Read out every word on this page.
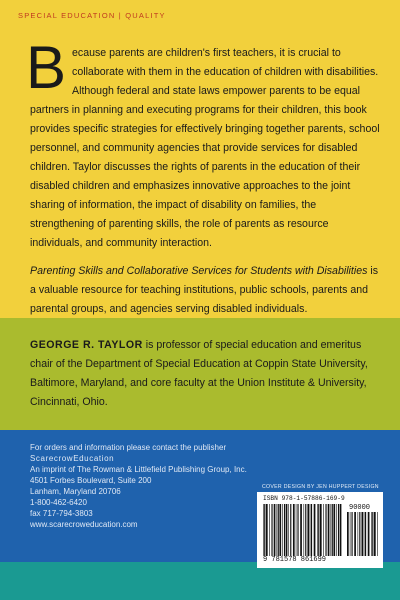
SPECIAL EDUCATION | QUALITY
Because parents are children's first teachers, it is crucial to collaborate with them in the education of children with disabilities. Although federal and state laws empower parents to be equal partners in planning and executing programs for their children, this book provides specific strategies for effectively bringing together parents, school personnel, and community agencies that provide services for disabled children. Taylor discusses the rights of parents in the education of their disabled children and emphasizes innovative approaches to the joint sharing of information, the impact of disability on families, the strengthening of parenting skills, the role of parents as resource individuals, and community interaction.
Parenting Skills and Collaborative Services for Students with Disabilities is a valuable resource for teaching institutions, public schools, parents and parental groups, and agencies serving disabled individuals.
GEORGE R. TAYLOR is professor of special education and emeritus chair of the Department of Special Education at Coppin State University, Baltimore, Maryland, and core faculty at the Union Institute & University, Cincinnati, Ohio.
For orders and information please contact the publisher
ScarecrowEducation
An imprint of The Rowman & Littlefield Publishing Group, Inc.
4501 Forbes Boulevard, Suite 200
Lanham, Maryland 20706
1-800-462-6420
fax 717-794-3803
www.scarecroweducation.com
COVER DESIGN BY JEN HUPPERT DESIGN
ISBN 978-1-57886-169-9
90000
9 781578 861699
